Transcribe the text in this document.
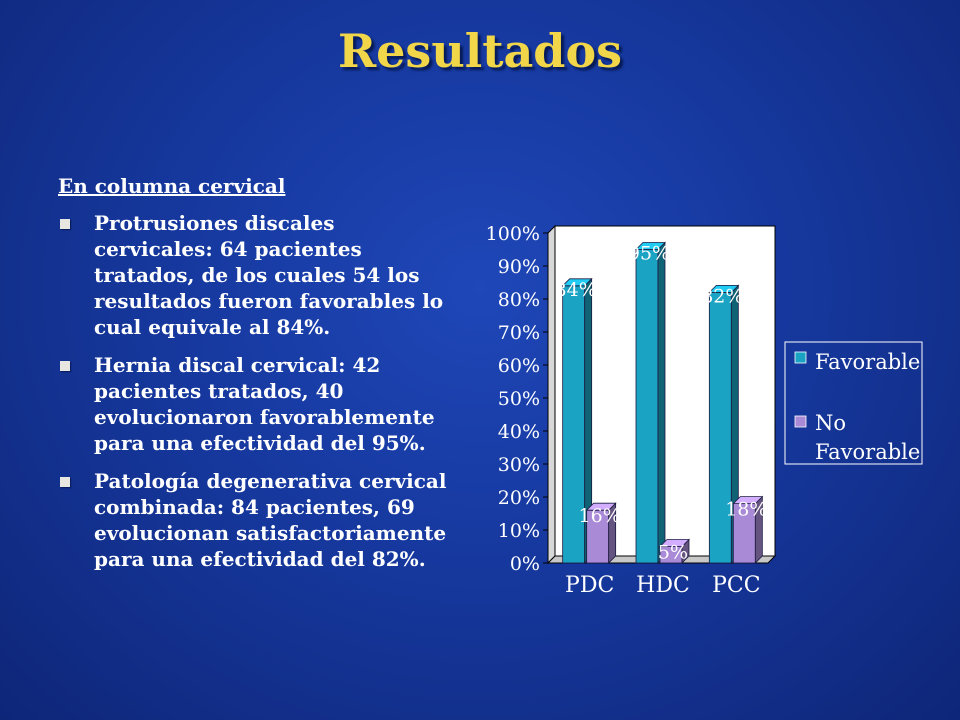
Resultados
En columna cervical
Protrusiones discales cervicales: 64 pacientes tratados, de los cuales 54 los resultados fueron favorables lo cual equivale al 84%.
Hernia discal cervical: 42 pacientes tratados, 40 evolucionaron favorablemente para una efectividad del 95%.
Patología degenerativa cervical combinada: 84 pacientes, 69 evolucionan satisfactoriamente para una efectividad del 82%.	0%
10%
20%
30%
40%
50%
60%
70%
80%
90%
100%
84%
16%
PDC
95%
5%
HDC
82%
18%
PCC
Favorable
No
Favorable
